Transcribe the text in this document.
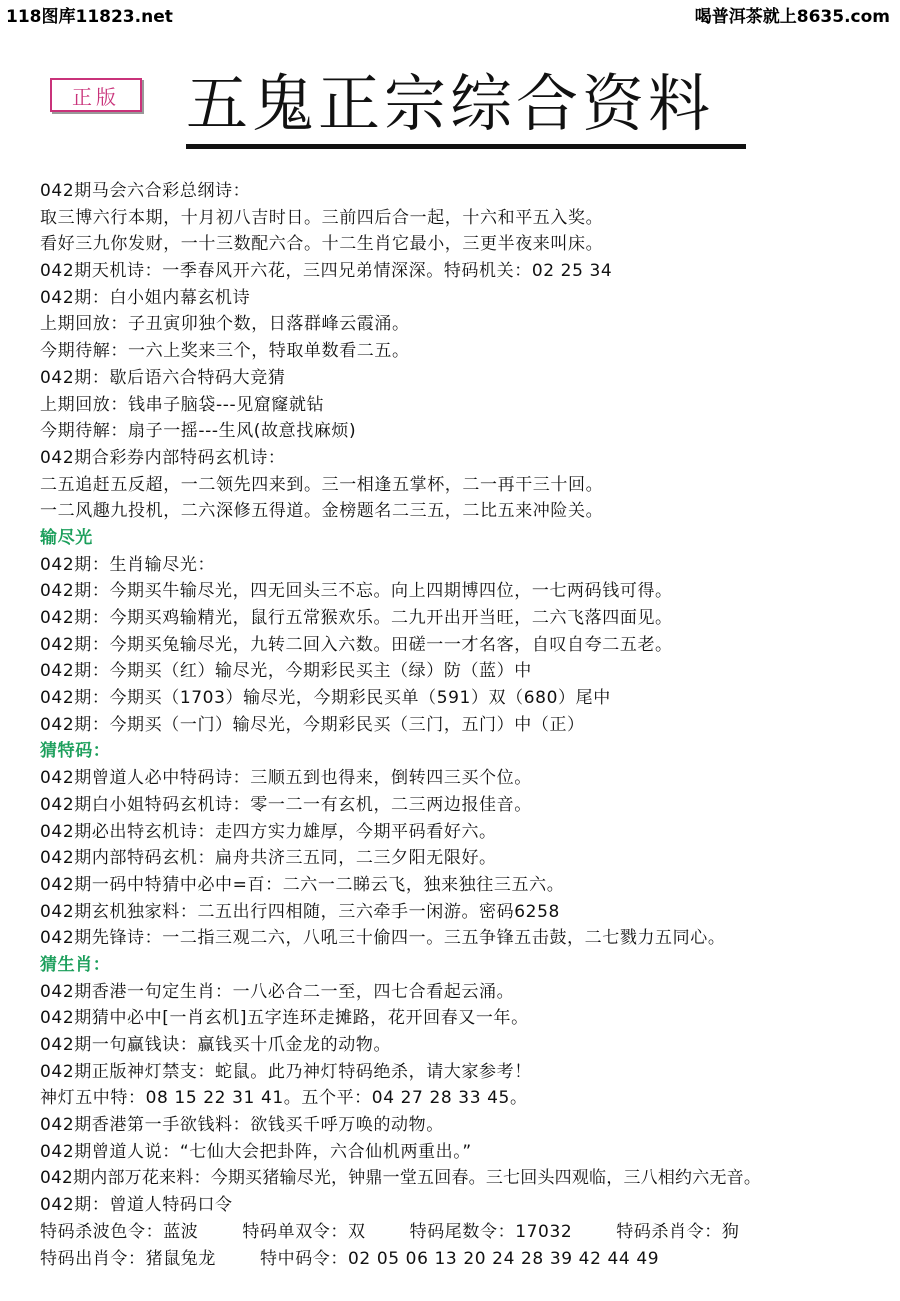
118图库11823.net	喝普洱茶就上8635.com
正版	五鬼正宗综合资料
042期马会六合彩总纲诗：
取三博六行本期，十月初八吉时日。三前四后合一起，十六和平五入奖。
看好三九你发财，一十三数配六合。十二生肖它最小，三更半夜来叫床。
042期天机诗：一季春风开六花，三四兄弟情深深。特码机关：02 25 34
042期：白小姐内幕玄机诗
上期回放：子丑寅卯独个数，日落群峰云霞涌。
今期待解：一六上奖来三个，特取单数看二五。
042期：歇后语六合特码大竞猜
上期回放：钱串子脑袋---见窟窿就钻
今期待解：扇子一摇---生风(故意找麻烦)
042期合彩券内部特码玄机诗：
二五追赶五反超，一二领先四来到。三一相逢五掌杯，二一再干三十回。
一二风趣九投机，二六深修五得道。金榜题名二三五，二比五来冲险关。
输尽光
042期：生肖输尽光：
042期：今期买牛输尽光，四无回头三不忘。向上四期博四位，一七两码钱可得。
042期：今期买鸡输精光，鼠行五常猴欢乐。二九开出开当旺，二六飞落四面见。
042期：今期买兔输尽光，九转二回入六数。田磋一一才名客，自叹自夸二五老。
042期：今期买（红）输尽光，今期彩民买主（绿）防（蓝）中
042期：今期买（1703）输尽光，今期彩民买单（591）双（680）尾中
042期：今期买（一门）输尽光，今期彩民买（三门，五门）中（正）
猜特码：
042期曾道人必中特码诗：三顺五到也得来，倒转四三买个位。
042期白小姐特码玄机诗：零一二一有玄机，二三两边报佳音。
042期必出特玄机诗：走四方实力雄厚，今期平码看好六。
042期内部特码玄机：扁舟共济三五同，二三夕阳无限好。
042期一码中特猜中必中=百：二六一二睇云飞，独来独往三五六。
042期玄机独家料：二五出行四相随，三六牵手一闲游。密码6258
042期先锋诗：一二指三观二六，八吼三十偷四一。三五争锋五击鼓，二七戮力五同心。
猜生肖：
042期香港一句定生肖：一八必合二一至，四七合看起云涌。
042期猜中必中[一肖玄机]五字连环走摊路，花开回春又一年。
042期一句赢钱诀：赢钱买十爪金龙的动物。
042期正版神灯禁支：蛇鼠。此乃神灯特码绝杀，请大家参考！
神灯五中特：08 15 22 31 41。五个平：04 27 28 33 45。
042期香港第一手欲钱料：欲钱买千呼万唤的动物。
042期曾道人说：“七仙大会把卦阵，六合仙机两重出。”
042期内部万花来料：今期买猪输尽光，钟鼎一堂五回春。三七回头四观临，三八相约六无音。
042期：曾道人特码口令
特码杀波色令：蓝波	特码单双令：双	特码尾数令：17032	特码杀肖令：狗
特码出肖令：猪鼠兔龙	特中码令：02 05 06 13 20 24 28 39 42 44 49
